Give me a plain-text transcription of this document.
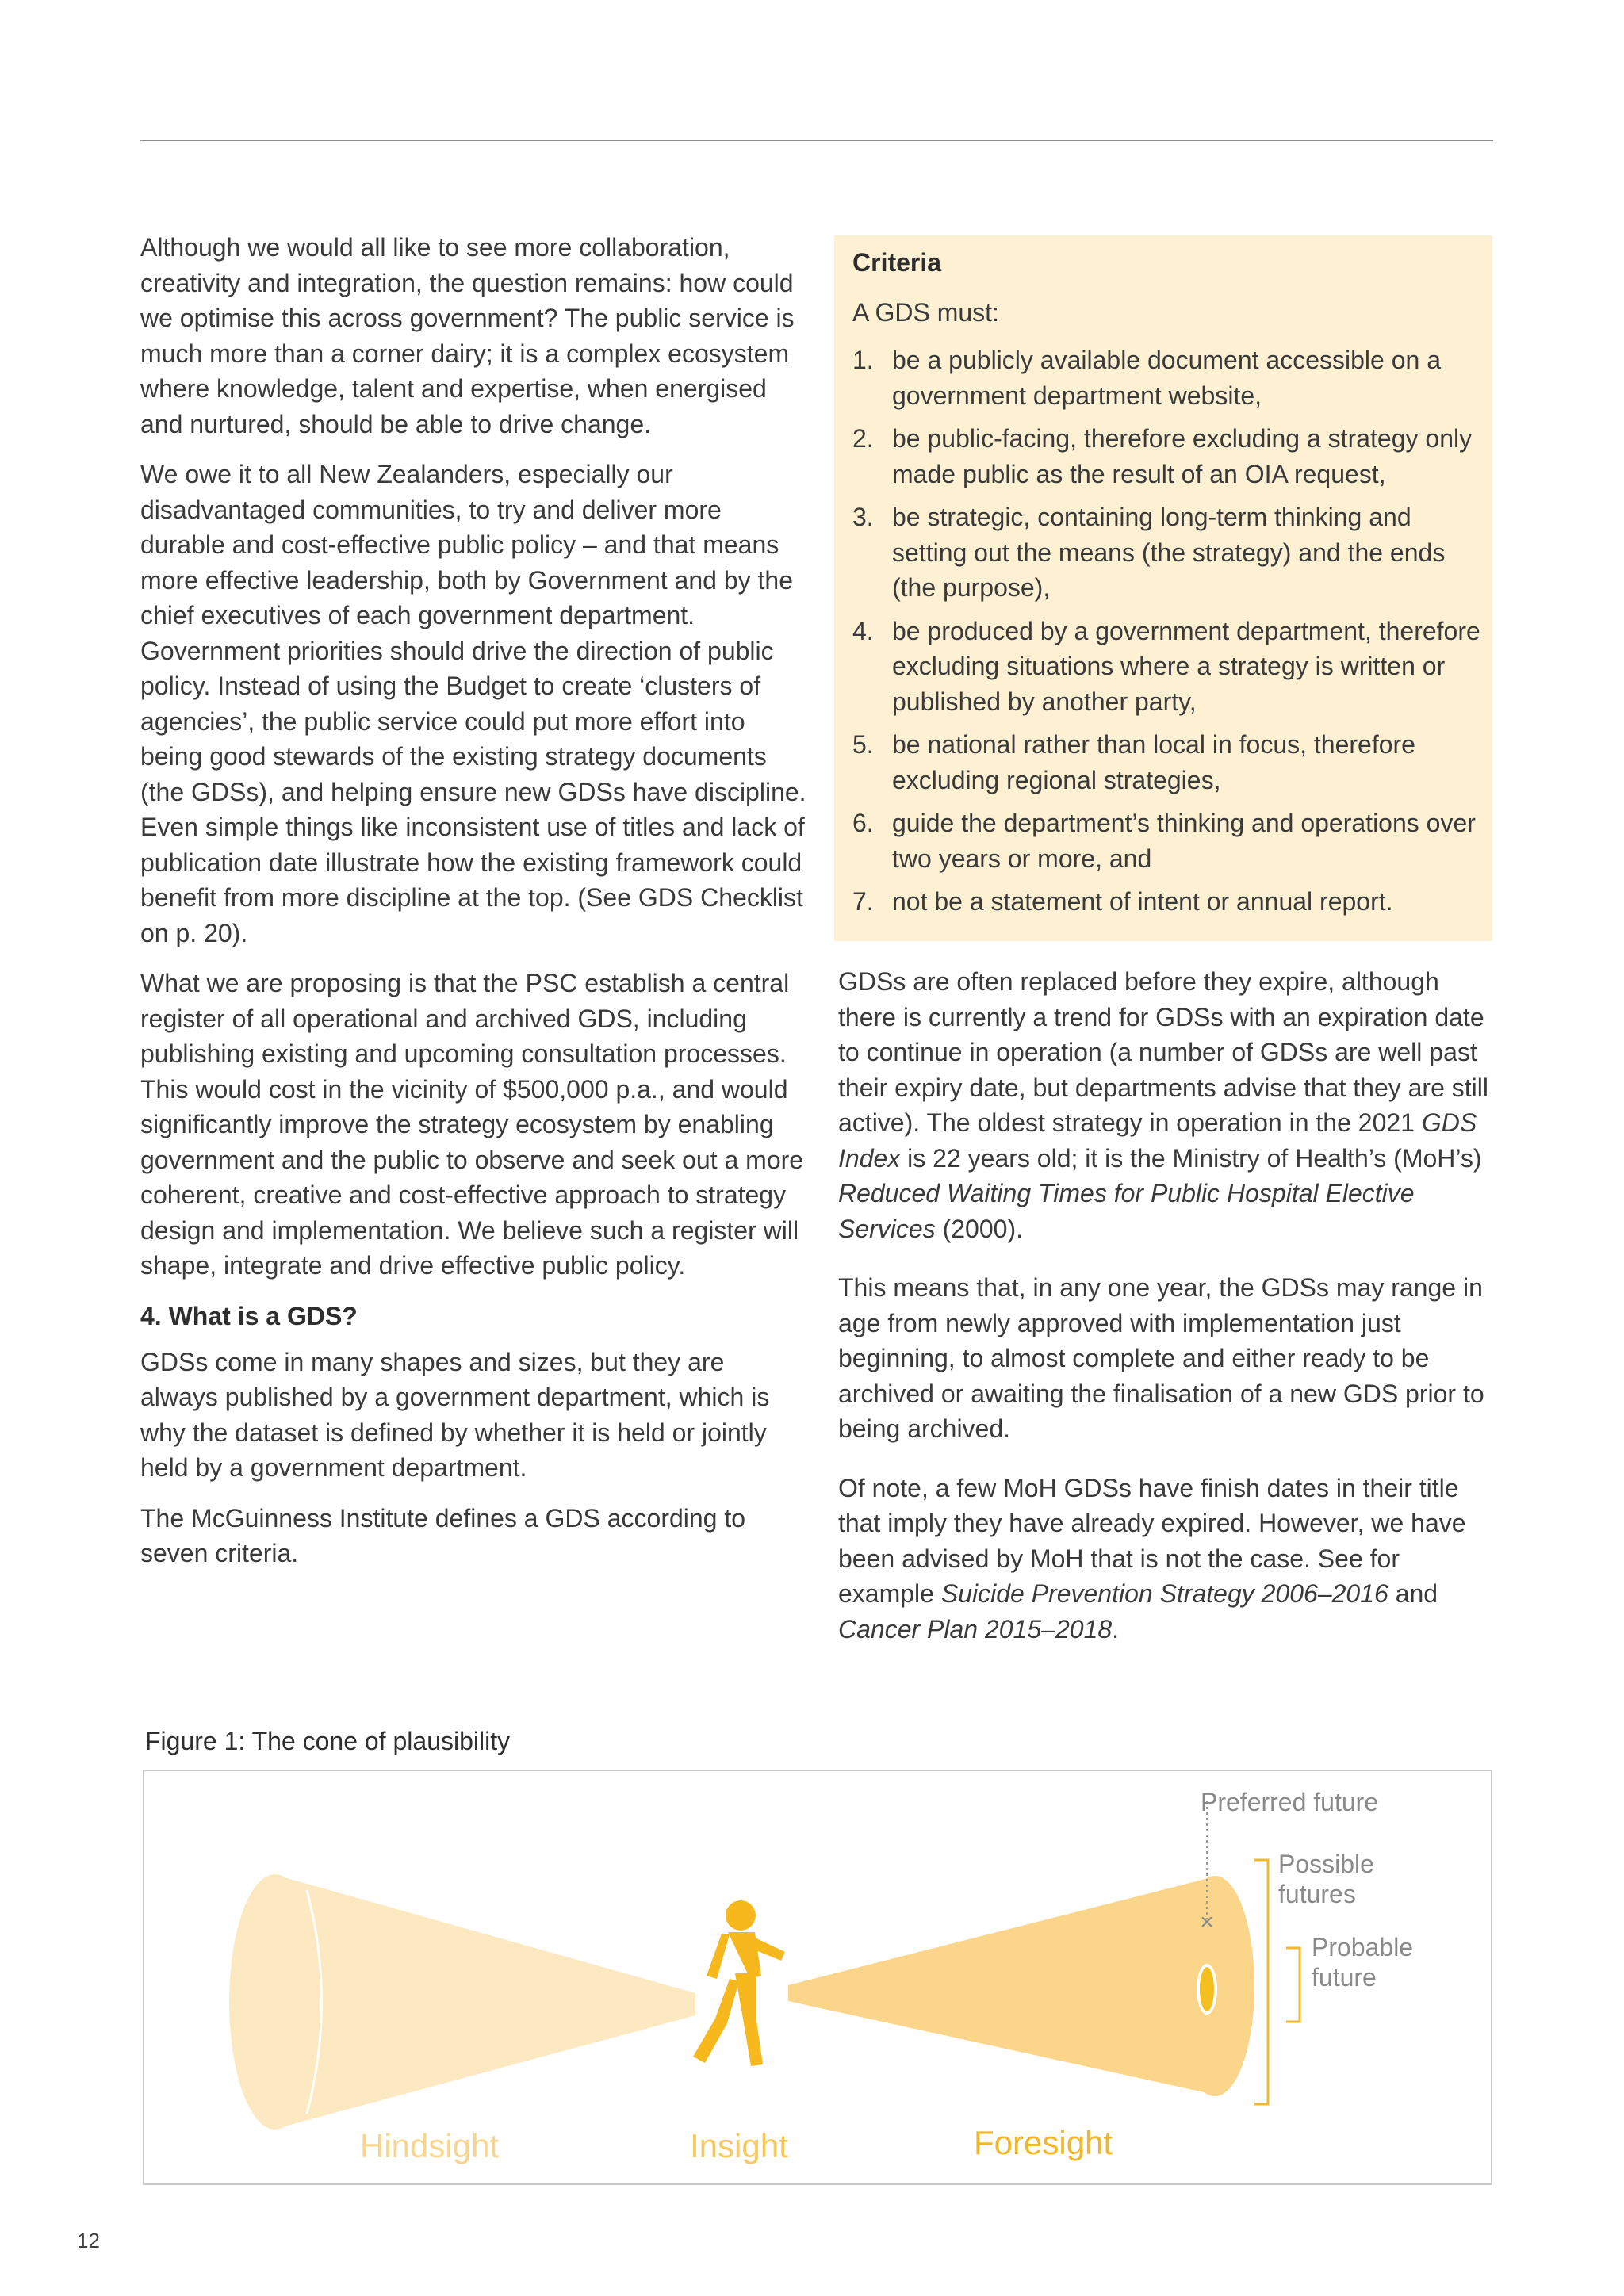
Although we would all like to see more collaboration, creativity and integration, the question remains: how could we optimise this across government? The public service is much more than a corner dairy; it is a complex ecosystem where knowledge, talent and expertise, when energised and nurtured, should be able to drive change.

We owe it to all New Zealanders, especially our disadvantaged communities, to try and deliver more durable and cost-effective public policy – and that means more effective leadership, both by Government and by the chief executives of each government department. Government priorities should drive the direction of public policy. Instead of using the Budget to create ‘clusters of agencies’, the public service could put more effort into being good stewards of the existing strategy documents (the GDSs), and helping ensure new GDSs have discipline. Even simple things like inconsistent use of titles and lack of publication date illustrate how the existing framework could benefit from more discipline at the top. (See GDS Checklist on p. 20).

What we are proposing is that the PSC establish a central register of all operational and archived GDS, including publishing existing and upcoming consultation processes. This would cost in the vicinity of $500,000 p.a., and would significantly improve the strategy ecosystem by enabling government and the public to observe and seek out a more coherent, creative and cost-effective approach to strategy design and implementation. We believe such a register will shape, integrate and drive effective public policy.

4. What is a GDS?

GDSs come in many shapes and sizes, but they are always published by a government department, which is why the dataset is defined by whether it is held or jointly held by a government department.

The McGuinness Institute defines a GDS according to seven criteria.

Criteria
A GDS must:
1. be a publicly available document accessible on a government department website,
2. be public-facing, therefore excluding a strategy only made public as the result of an OIA request,
3. be strategic, containing long-term thinking and setting out the means (the strategy) and the ends (the purpose),
4. be produced by a government department, therefore excluding situations where a strategy is written or published by another party,
5. be national rather than local in focus, therefore excluding regional strategies,
6. guide the department’s thinking and operations over two years or more, and
7. not be a statement of intent or annual report.

GDSs are often replaced before they expire, although there is currently a trend for GDSs with an expiration date to continue in operation (a number of GDSs are well past their expiry date, but departments advise that they are still active). The oldest strategy in operation in the 2021 GDS Index is 22 years old; it is the Ministry of Health’s (MoH’s) Reduced Waiting Times for Public Hospital Elective Services (2000).

This means that, in any one year, the GDSs may range in age from newly approved with implementation just beginning, to almost complete and either ready to be archived or awaiting the finalisation of a new GDS prior to being archived.

Of note, a few MoH GDSs have finish dates in their title that imply they have already expired. However, we have been advised by MoH that is not the case. See for example Suicide Prevention Strategy 2006–2016 and Cancer Plan 2015–2018.

Figure 1: The cone of plausibility
×
Preferred future
Possible
futures
Probable
future
Hindsight	Insight	Foresight
12
